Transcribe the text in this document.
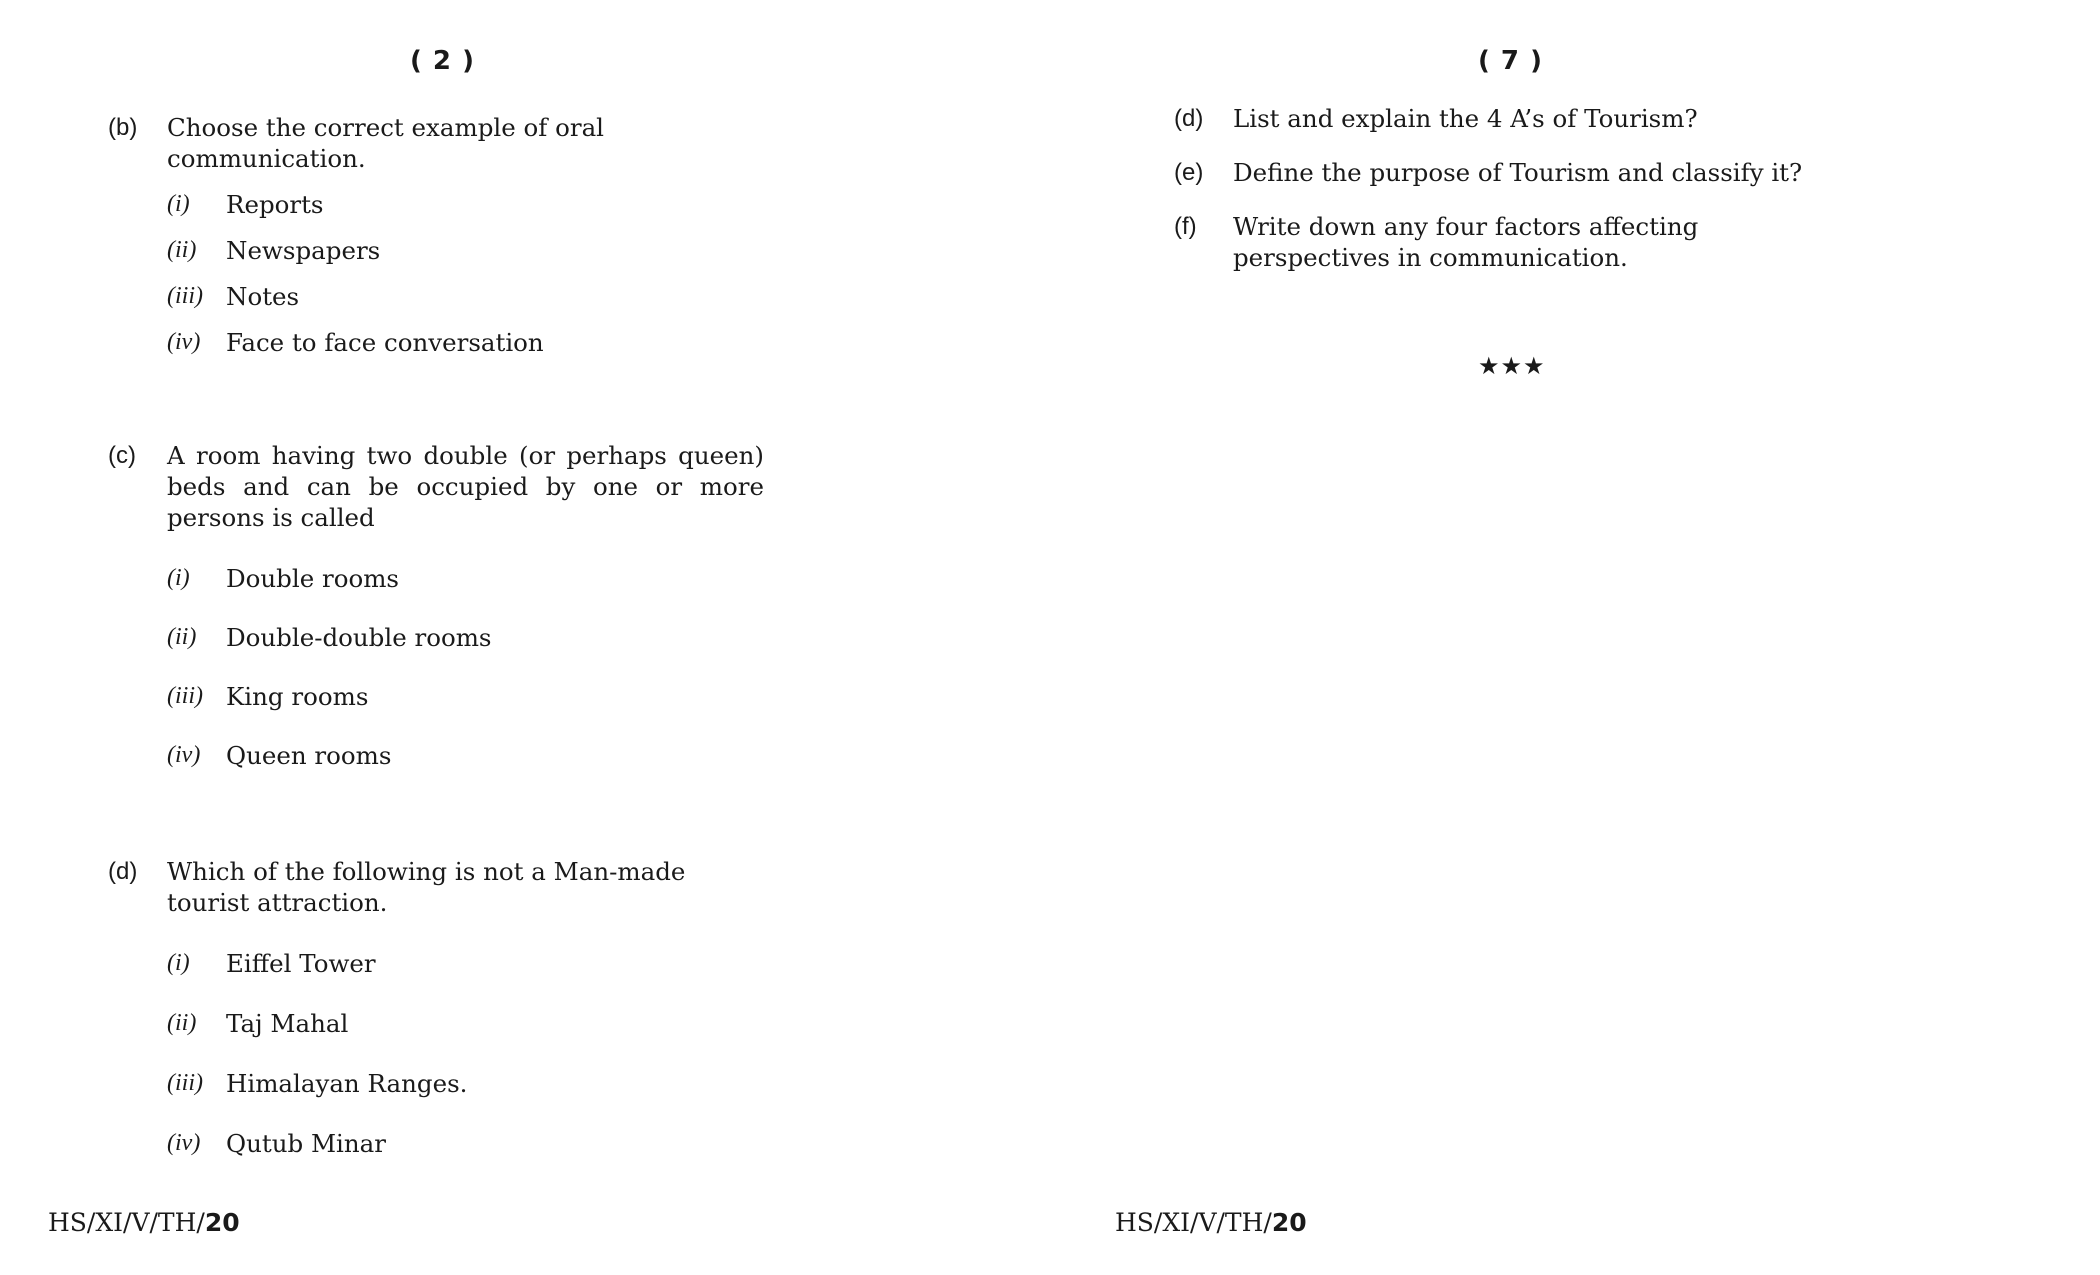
( 2 )
(b)	Choose the correct example of oral
communication.
(i)	Reports
(ii)	Newspapers
(iii) Notes
(iv)	Face to face conversation
(c)	A room having two double (or perhaps queen) beds and can be occupied by one or more persons is called
(i)	Double rooms
(ii)	Double-double rooms
(iii) King rooms
(iv)	Queen rooms
(d)	Which of the following is not a Man-made tourist attraction.
(i)	Eiffel Tower
(ii)	Taj Mahal
(iii) Himalayan Ranges.
(iv)	Qutub Minar
HS/XI/V/TH/20
( 7 )
(d)	List and explain the 4 A’s of Tourism?
(e)	Define the purpose of Tourism and classify it?
(f)	Write down any four factors affecting perspectives in communication.
★★★
HS/XI/V/TH/20
